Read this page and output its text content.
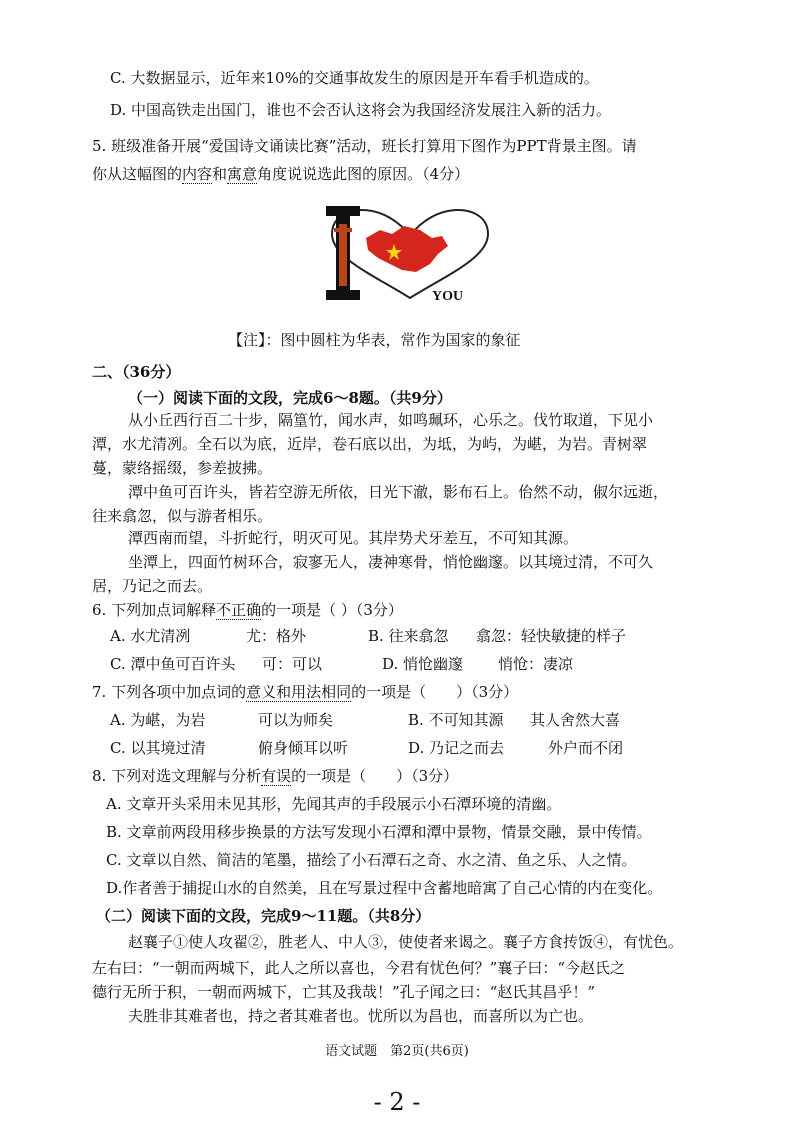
C. 大数据显示，近年来10%的交通事故发生的原因是开车看手机造成的。
D. 中国高铁走出国门，谁也不会否认这将会为我国经济发展注入新的活力。
5. 班级准备开展“爱国诗文诵读比赛”活动，班长打算用下图作为PPT背景主图。请
你从这幅图的内容和寓意角度说说选此图的原因。（4分）
YOU
【注】：图中圆柱为华表，常作为国家的象征
二、（36分）
（一）阅读下面的文段，完成6～8题。（共9分）
从小丘西行百二十步，隔篁竹，闻水声，如鸣珮环，心乐之。伐竹取道，下见小
潭，水尤清冽。全石以为底，近岸，卷石底以出，为坻，为屿，为嵁，为岩。青树翠
蔓，蒙络摇缀，参差披拂。
潭中鱼可百许头，皆若空游无所依，日光下澈，影布石上。佁然不动，俶尔远逝，
往来翕忽，似与游者相乐。
潭西南而望，斗折蛇行，明灭可见。其岸势犬牙差互，不可知其源。
坐潭上，四面竹树环合，寂寥无人，凄神寒骨，悄怆幽邃。以其境过清，不可久
居，乃记之而去。
6. 下列加点词解释不正确的一项是（ ）（3分）
A. 水尤清冽	尤：格外	B. 往来翕忽 翕忽：轻快敏捷的样子
C. 潭中鱼可百许头 可：可以	D. 悄怆幽邃 悄怆：凄凉
7. 下列各项中加点词的意义和用法相同的一项是（　　）（3分）
A. 为嵁，为岩	可以为师矣	B. 不可知其源 其人舍然大喜
C. 以其境过清	俯身倾耳以听	D. 乃记之而去	外户而不闭
8. 下列对选文理解与分析有误的一项是（　　）（3分）
A. 文章开头采用未见其形，先闻其声的手段展示小石潭环境的清幽。
B. 文章前两段用移步换景的方法写发现小石潭和潭中景物，情景交融，景中传情。
C. 文章以自然、简洁的笔墨，描绘了小石潭石之奇、水之清、鱼之乐、人之情。
D.作者善于捕捉山水的自然美，且在写景过程中含蓄地暗寓了自己心情的内在变化。
（二）阅读下面的文段，完成9～11题。（共8分）
赵襄子①使人攻翟②，胜老人、中人③，使使者来谒之。襄子方食抟饭④，有忧色。
左右曰：“一朝而两城下，此人之所以喜也，今君有忧色何？”襄子曰：“今赵氏之
德行无所于积，一朝而两城下，亡其及我哉！”孔子闻之曰：“赵氏其昌乎！”
夫胜非其难者也，持之者其难者也。忧所以为昌也，而喜所以为亡也。
语文试题　第2页(共6页)
- 2 -
